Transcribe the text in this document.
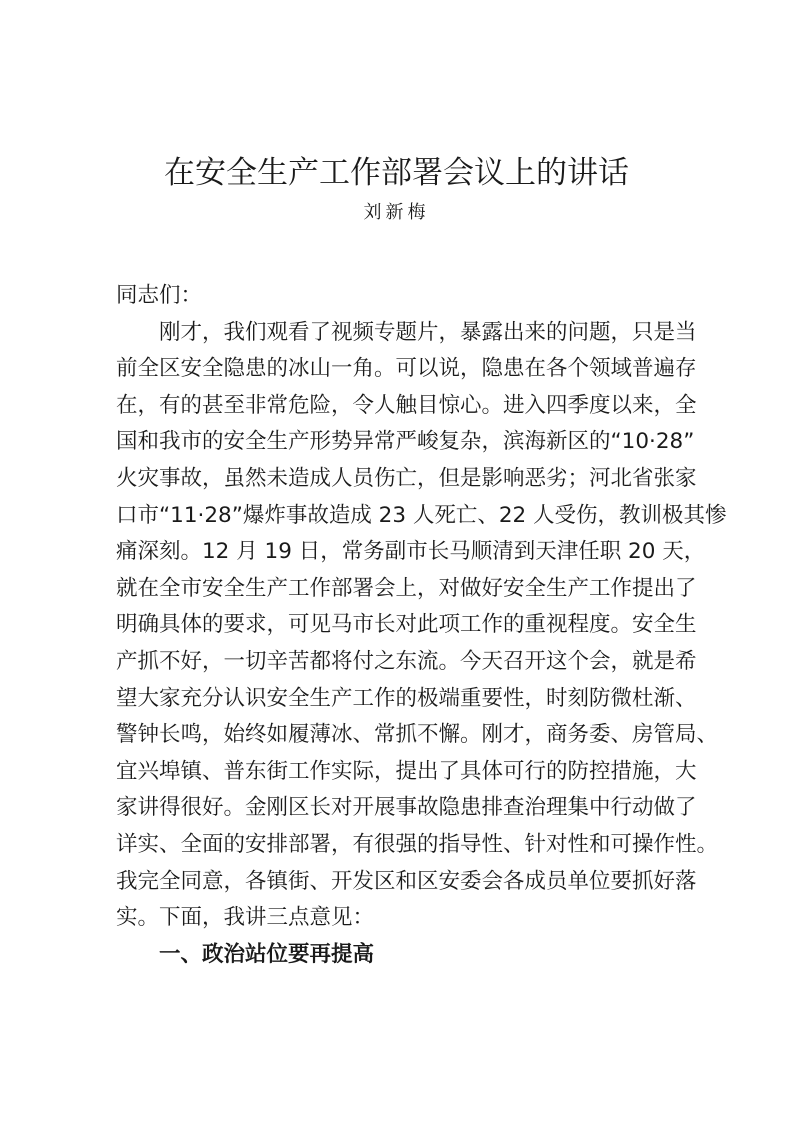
在安全生产工作部署会议上的讲话
刘新梅
同志们：
刚才，我们观看了视频专题片，暴露出来的问题，只是当
前全区安全隐患的冰山一角。可以说，隐患在各个领域普遍存
在，有的甚至非常危险，令人触目惊心。进入四季度以来，全
国和我市的安全生产形势异常严峻复杂，滨海新区的“10·28”
火灾事故，虽然未造成人员伤亡，但是影响恶劣；河北省张家
口市“11·28”爆炸事故造成 23 人死亡、22 人受伤，教训极其惨
痛深刻。12 月 19 日，常务副市长马顺清到天津任职 20 天，
就在全市安全生产工作部署会上，对做好安全生产工作提出了
明确具体的要求，可见马市长对此项工作的重视程度。安全生
产抓不好，一切辛苦都将付之东流。今天召开这个会，就是希
望大家充分认识安全生产工作的极端重要性，时刻防微杜渐、
警钟长鸣，始终如履薄冰、常抓不懈。刚才，商务委、房管局、
宜兴埠镇、普东街工作实际，提出了具体可行的防控措施，大
家讲得很好。金刚区长对开展事故隐患排查治理集中行动做了
详实、全面的安排部署，有很强的指导性、针对性和可操作性。
我完全同意，各镇街、开发区和区安委会各成员单位要抓好落
实。下面，我讲三点意见：
一、政治站位要再提高
